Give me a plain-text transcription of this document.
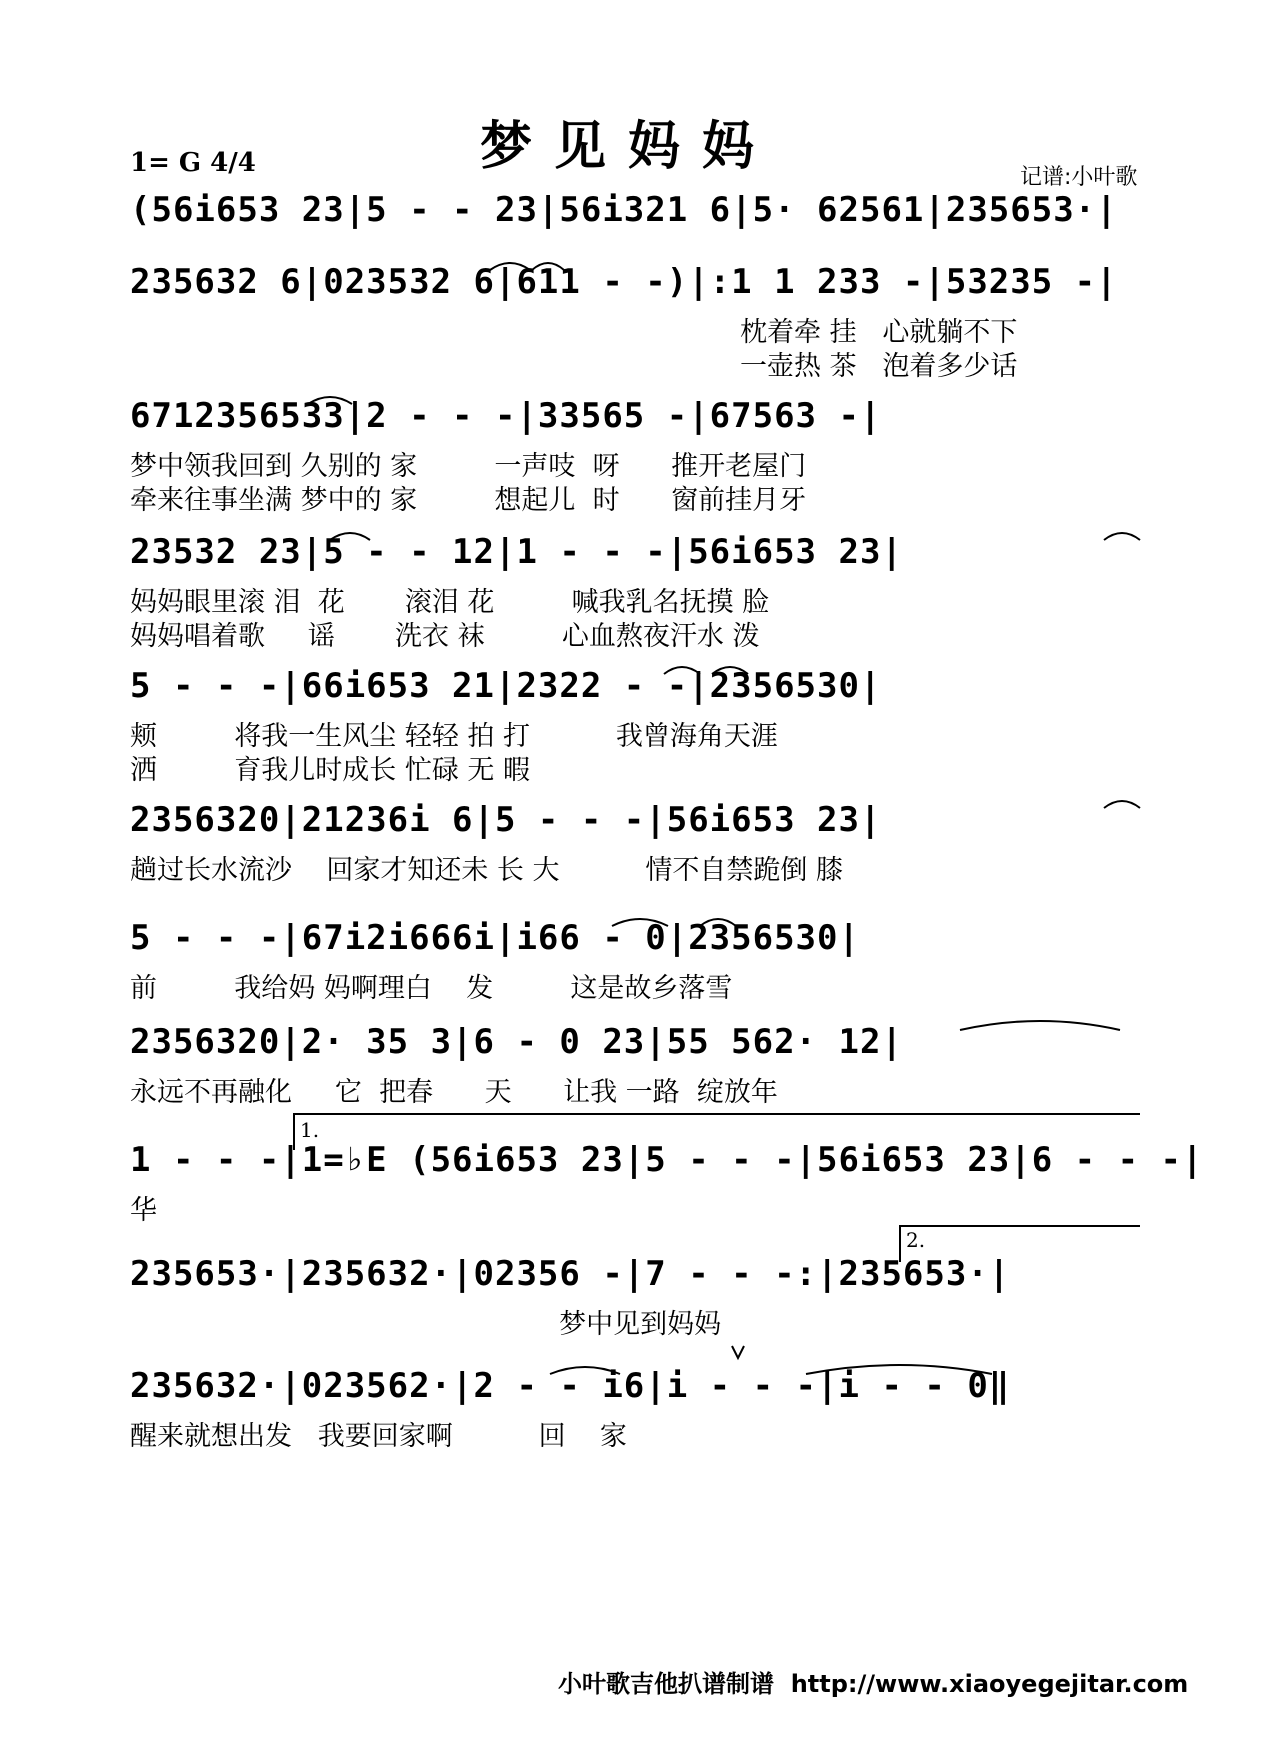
梦见妈妈
1= G 4/4	记谱:小叶歌
(56i653 23|5 - - 23|56i321 6|5· 62561|235653·|
235632 6|023532 6|611 - -)|:1 1 233 -|53235 -|
枕着牵 挂   心就躺不下
一壶热 茶   泡着多少话
6712356533|2 - - -|33565 -|67563 -|
梦中领我回到 久别的 家         一声吱  呀      推开老屋门
牵来往事坐满 梦中的 家         想起儿  时      窗前挂月牙
23532 23|5 - - 12|1 - - -|56i653 23|
妈妈眼里滚 泪  花       滚泪 花         喊我乳名抚摸 脸
妈妈唱着歌     谣       洗衣 袜         心血熬夜汗水 泼
5 - - -|66i653 21|2322 - -|2356530|
颊         将我一生风尘 轻轻 拍 打          我曾海角天涯
洒         育我儿时成长 忙碌 无 暇
2356320|21236i 6|5 - - -|56i653 23|
趟过长水流沙    回家才知还未 长 大          情不自禁跪倒 膝
5 - - -|67i2i666i|i66 - 0|2356530|
前         我给妈 妈啊理白    发         这是故乡落雪
2356320|2· 35 3|6 - 0 23|55 562· 12|
永远不再融化     它  把春      天      让我 一路  绽放年
1.
1 - - -|1=♭E (56i653 23|5 - - -|56i653 23|6 - - -|
华
2.
235653·|235632·|02356 -|7 - - -:|235653·|
梦中见到妈妈
235632·|023562·|2 - - i6|i - - -|i - - 0‖
醒来就想出发   我要回家啊          回    家
小叶歌吉他扒谱制谱  http://www.xiaoyegejitar.com
